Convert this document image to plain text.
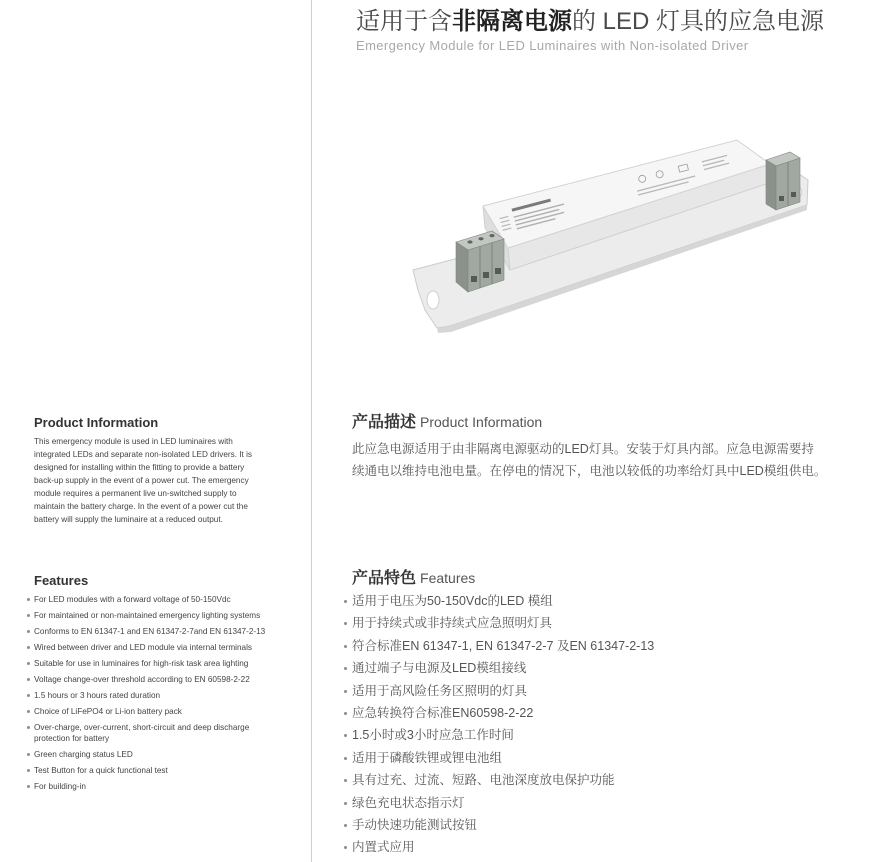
适用于含非隔离电源的 LED 灯具的应急电源
Emergency Module for LED Luminaires with Non-isolated Driver
Product Information
This emergency module is used in LED luminaires with
integrated LEDs and separate non-isolated LED drivers. It is
designed for installing within the fitting to provide a battery
back-up supply in the event of a power cut. The emergency
module requires a permanent live un-switched supply to
maintain the battery charge. In the event of a power cut the
battery will supply the luminaire at a reduced output.
Features
For LED modules with a forward voltage of 50-150Vdc
For maintained or non-maintained emergency lighting systems
Conforms to EN 61347-1 and EN 61347-2-7and EN 61347-2-13
Wired between driver and LED module via internal terminals
Suitable for use in luminaires for high-risk task area lighting
Voltage change-over threshold according to EN 60598-2-22
1.5 hours or 3 hours rated duration
Choice of LiFePO4 or Li-ion battery pack
Over-charge, over-current, short-circuit and deep discharge
protection for battery
Green charging status LED
Test Button for a quick functional test
For building-in
产品描述 Product Information
此应急电源适用于由非隔离电源驱动的LED灯具。安装于灯具内部。应急电源需要持
续通电以维持电池电量。在停电的情况下，电池以较低的功率给灯具中LED模组供电。
产品特色 Features
适用于电压为50-150Vdc的LED 模组
用于持续式或非持续式应急照明灯具
符合标准EN 61347-1, EN 61347-2-7 及EN 61347-2-13
通过端子与电源及LED模组接线
适用于高风险任务区照明的灯具
应急转换符合标准EN60598-2-22
1.5小时或3小时应急工作时间
适用于磷酸铁锂或锂电池组
具有过充、过流、短路、电池深度放电保护功能
绿色充电状态指示灯
手动快速功能测试按钮
内置式应用
